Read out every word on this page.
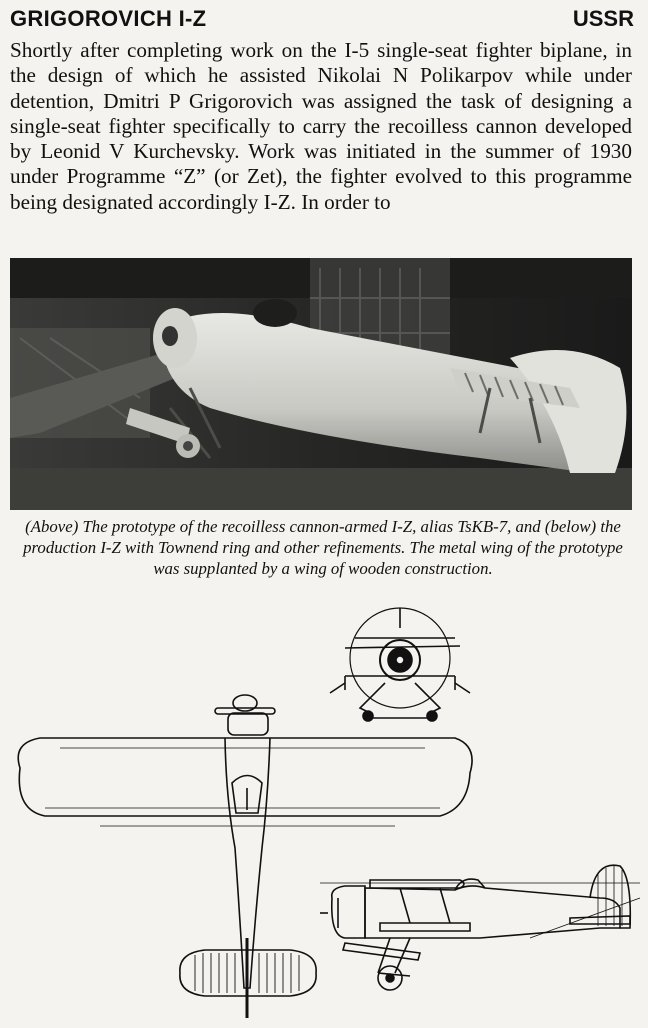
GRIGOROVICH I-Z	USSR

Shortly after completing work on the I-5 single-seat fighter biplane, in the design of which he assisted Nikolai N Polikarpov while under detention, Dmitri P Grigorovich was assigned the task of designing a single-seat fighter specifically to carry the recoilless cannon developed by Leonid V Kurchevsky. Work was initiated in the summer of 1930 under Programme “Z” (or Zet), the fighter evolved to this programme being designated accordingly I-Z. In order to

(Above) The prototype of the recoilless cannon-armed I-Z, alias TsKB-7, and (below) the production I-Z with Townend ring and other refinements. The metal wing of the prototype was supplanted by a wing of wooden construction.
